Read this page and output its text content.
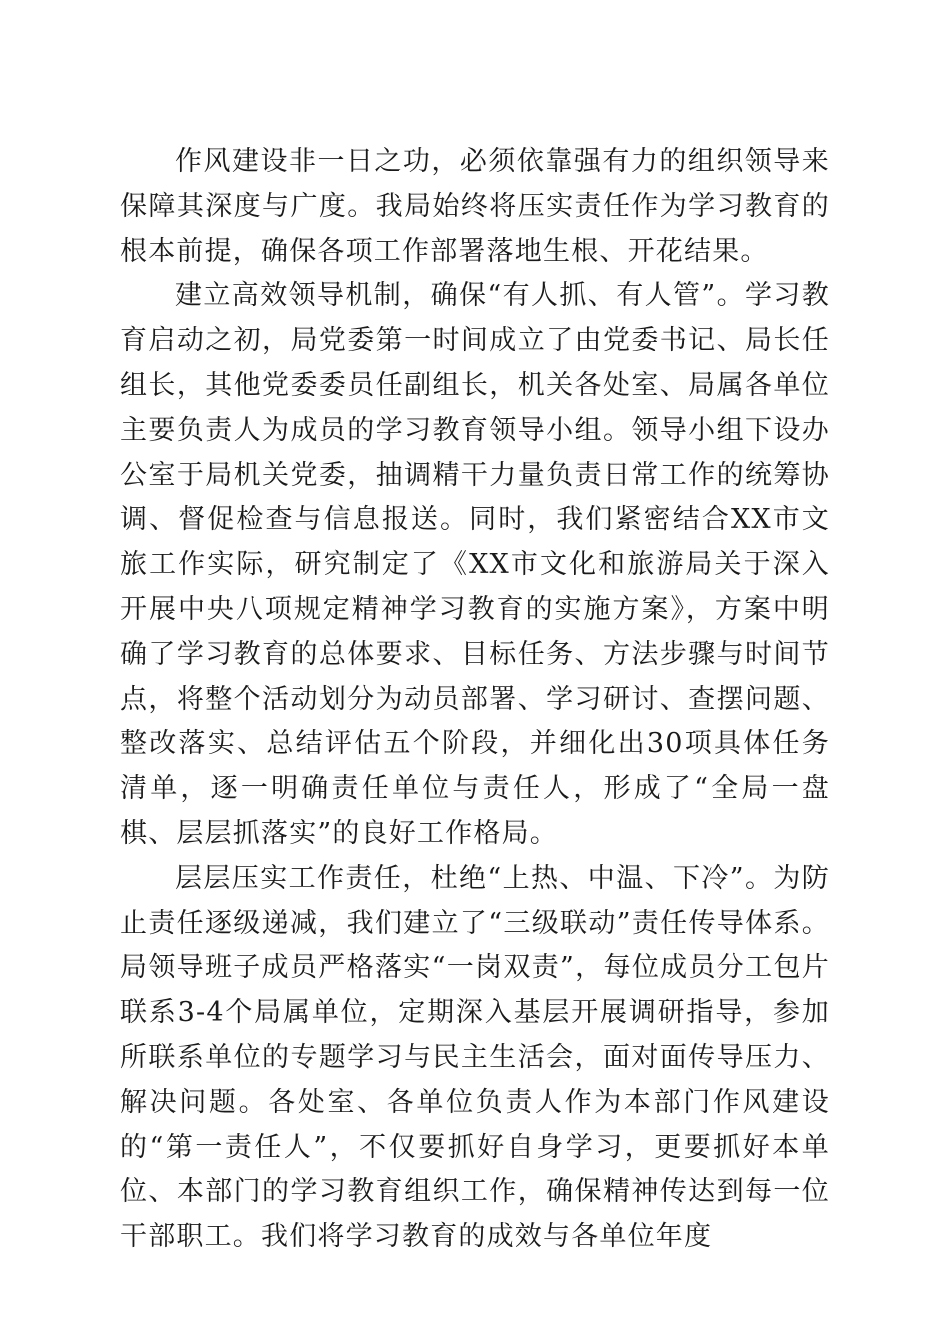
作风建设非一日之功，必须依靠强有力的组织领导来保障其深度与广度。我局始终将压实责任作为学习教育的根本前提，确保各项工作部署落地生根、开花结果。

建立高效领导机制，确保“有人抓、有人管”。学习教育启动之初，局党委第一时间成立了由党委书记、局长任组长，其他党委委员任副组长，机关各处室、局属各单位主要负责人为成员的学习教育领导小组。领导小组下设办公室于局机关党委，抽调精干力量负责日常工作的统筹协调、督促检查与信息报送。同时，我们紧密结合XX市文旅工作实际，研究制定了《XX市文化和旅游局关于深入开展中央八项规定精神学习教育的实施方案》，方案中明确了学习教育的总体要求、目标任务、方法步骤与时间节点，将整个活动划分为动员部署、学习研讨、查摆问题、整改落实、总结评估五个阶段，并细化出30项具体任务清单，逐一明确责任单位与责任人，形成了“全局一盘棋、层层抓落实”的良好工作格局。

层层压实工作责任，杜绝“上热、中温、下冷”。为防止责任逐级递减，我们建立了“三级联动”责任传导体系。局领导班子成员严格落实“一岗双责”，每位成员分工包片联系3-4个局属单位，定期深入基层开展调研指导，参加所联系单位的专题学习与民主生活会，面对面传导压力、解决问题。各处室、各单位负责人作为本部门作风建设的“第一责任人”，不仅要抓好自身学习，更要抓好本单位、本部门的学习教育组织工作，确保精神传达到每一位干部职工。我们将学习教育的成效与各单位年度
